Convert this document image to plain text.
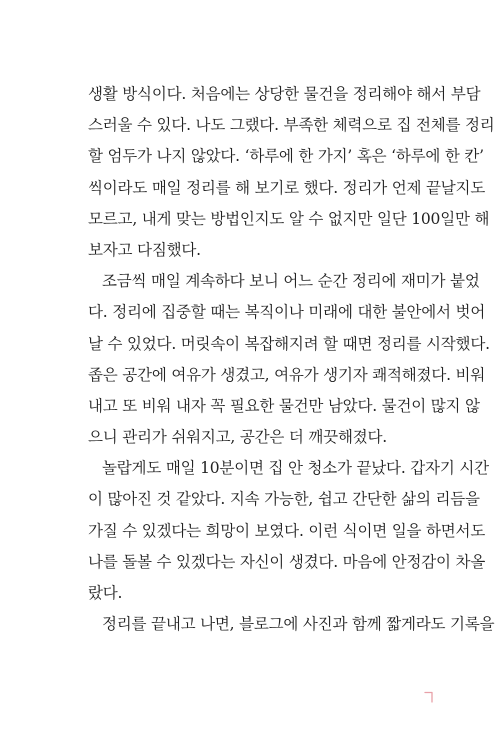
생활 방식이다. 처음에는 상당한 물건을 정리해야 해서 부담
스러울 수 있다. 나도 그랬다. 부족한 체력으로 집 전체를 정리
할 엄두가 나지 않았다. ‘하루에 한 가지’ 혹은 ‘하루에 한 칸’
씩이라도 매일 정리를 해 보기로 했다. 정리가 언제 끝날지도
모르고, 내게 맞는 방법인지도 알 수 없지만 일단 100일만 해
보자고 다짐했다.

조금씩 매일 계속하다 보니 어느 순간 정리에 재미가 붙었
다. 정리에 집중할 때는 복직이나 미래에 대한 불안에서 벗어
날 수 있었다. 머릿속이 복잡해지려 할 때면 정리를 시작했다.
좁은 공간에 여유가 생겼고, 여유가 생기자 쾌적해졌다. 비워
내고 또 비워 내자 꼭 필요한 물건만 남았다. 물건이 많지 않
으니 관리가 쉬워지고, 공간은 더 깨끗해졌다.

놀랍게도 매일 10분이면 집 안 청소가 끝났다. 갑자기 시간
이 많아진 것 같았다. 지속 가능한, 쉽고 간단한 삶의 리듬을
가질 수 있겠다는 희망이 보였다. 이런 식이면 일을 하면서도
나를 돌볼 수 있겠다는 자신이 생겼다. 마음에 안정감이 차올
랐다.

정리를 끝내고 나면, 블로그에 사진과 함께 짧게라도 기록을
